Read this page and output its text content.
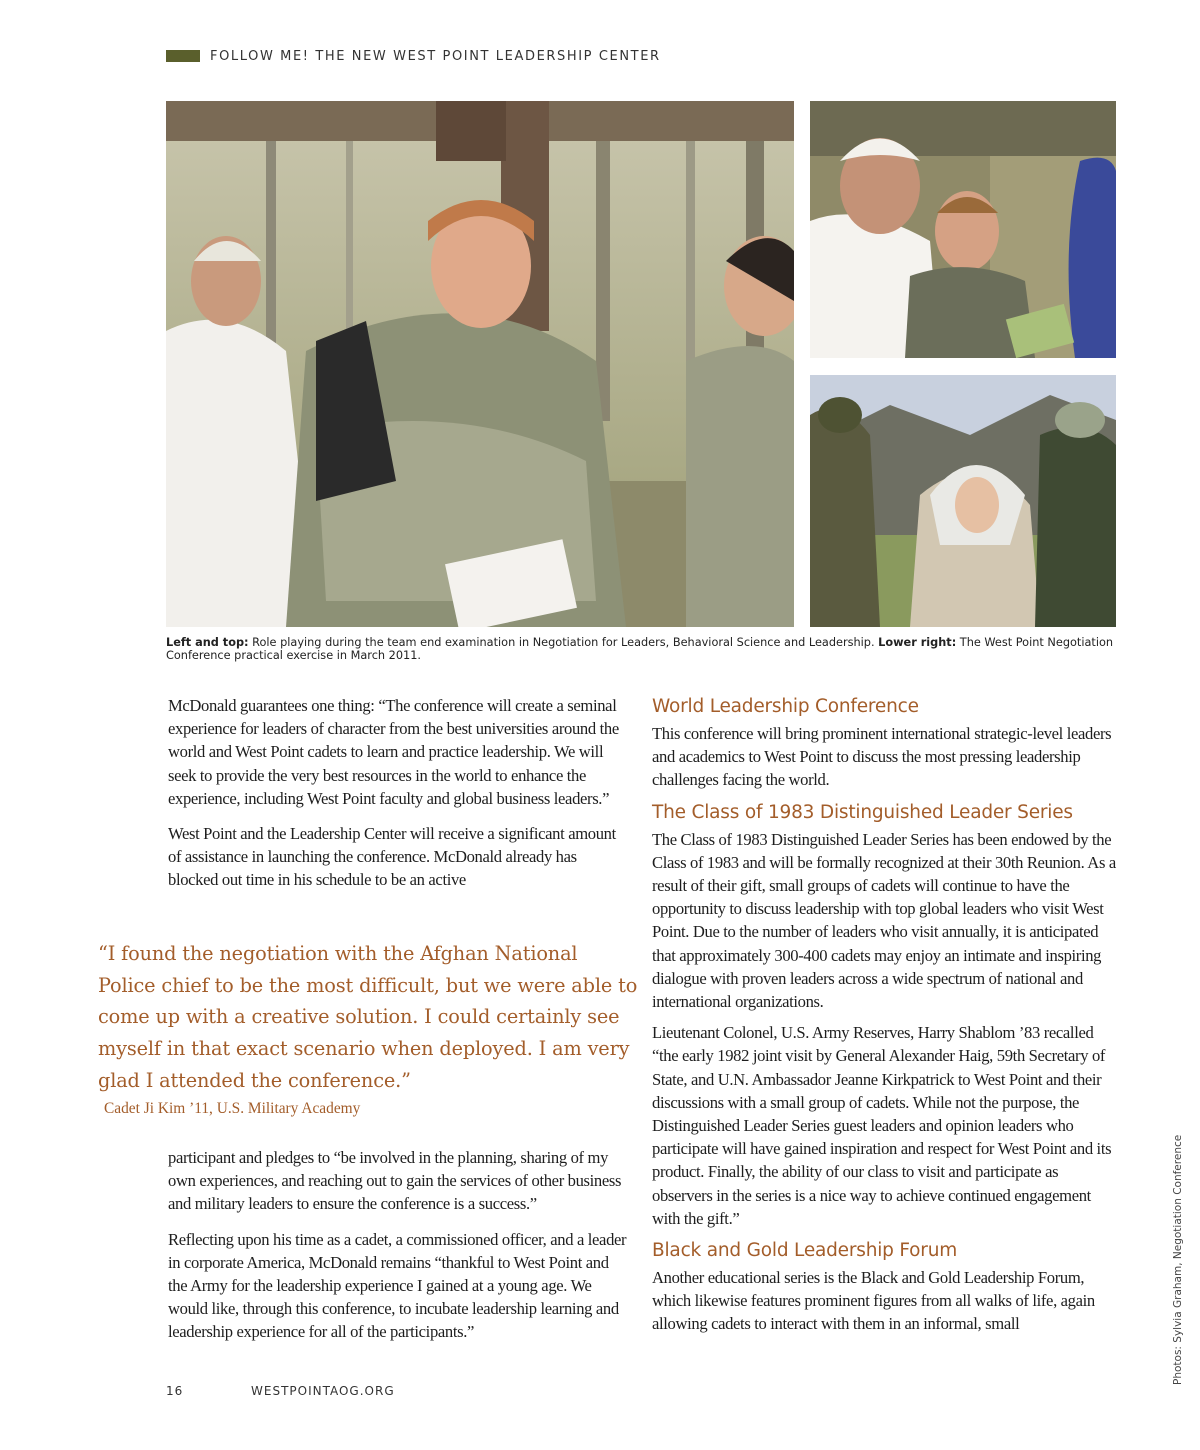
FOLLOW ME! THE NEW WEST POINT LEADERSHIP CENTER
Left and top: Role playing during the team end examination in Negotiation for Leaders, Behavioral Science and Leadership. Lower right: The West Point Negotiation Conference practical exercise in March 2011.

McDonald guarantees one thing: “The conference will create a seminal experience for leaders of character from the best universities around the world and West Point cadets to learn and practice leadership. We will seek to provide the very best resources in the world to enhance the experience, including West Point faculty and global business leaders.”

West Point and the Leadership Center will receive a significant amount of assistance in launching the conference. McDonald already has blocked out time in his schedule to be an active

“I found the negotiation with the Afghan National Police chief to be the most difficult, but we were able to come up with a creative solution. I could certainly see myself in that exact scenario when deployed. I am very glad I attended the conference.”
Cadet Ji Kim ’11, U.S. Military Academy

participant and pledges to “be involved in the planning, sharing of my own experiences, and reaching out to gain the services of other business and military leaders to ensure the conference is a success.”

Reflecting upon his time as a cadet, a commissioned officer, and a leader in corporate America, McDonald remains “thankful to West Point and the Army for the leadership experience I gained at a young age. We would like, through this conference, to incubate leadership learning and leadership experience for all of the participants.”

World Leadership Conference

This conference will bring prominent international strategic-level leaders and academics to West Point to discuss the most pressing leadership challenges facing the world.

The Class of 1983 Distinguished Leader Series

The Class of 1983 Distinguished Leader Series has been endowed by the Class of 1983 and will be formally recognized at their 30th Reunion. As a result of their gift, small groups of cadets will continue to have the opportunity to discuss leadership with top global leaders who visit West Point. Due to the number of leaders who visit annually, it is anticipated that approximately 300-400 cadets may enjoy an intimate and inspiring dialogue with proven leaders across a wide spectrum of national and international organizations.

Lieutenant Colonel, U.S. Army Reserves, Harry Shablom ’83 recalled “the early 1982 joint visit by General Alexander Haig, 59th Secretary of State, and U.N. Ambassador Jeanne Kirkpatrick to West Point and their discussions with a small group of cadets. While not the purpose, the Distinguished Leader Series guest leaders and opinion leaders who participate will have gained inspiration and respect for West Point and its product. Finally, the ability of our class to visit and participate as observers in the series is a nice way to achieve continued engagement with the gift.”

Black and Gold Leadership Forum

Another educational series is the Black and Gold Leadership Forum, which likewise features prominent figures from all walks of life, again allowing cadets to interact with them in an informal, small	Photos: Sylvia Graham, Negotiation Conference
16	WESTPOINTAOG.ORG
